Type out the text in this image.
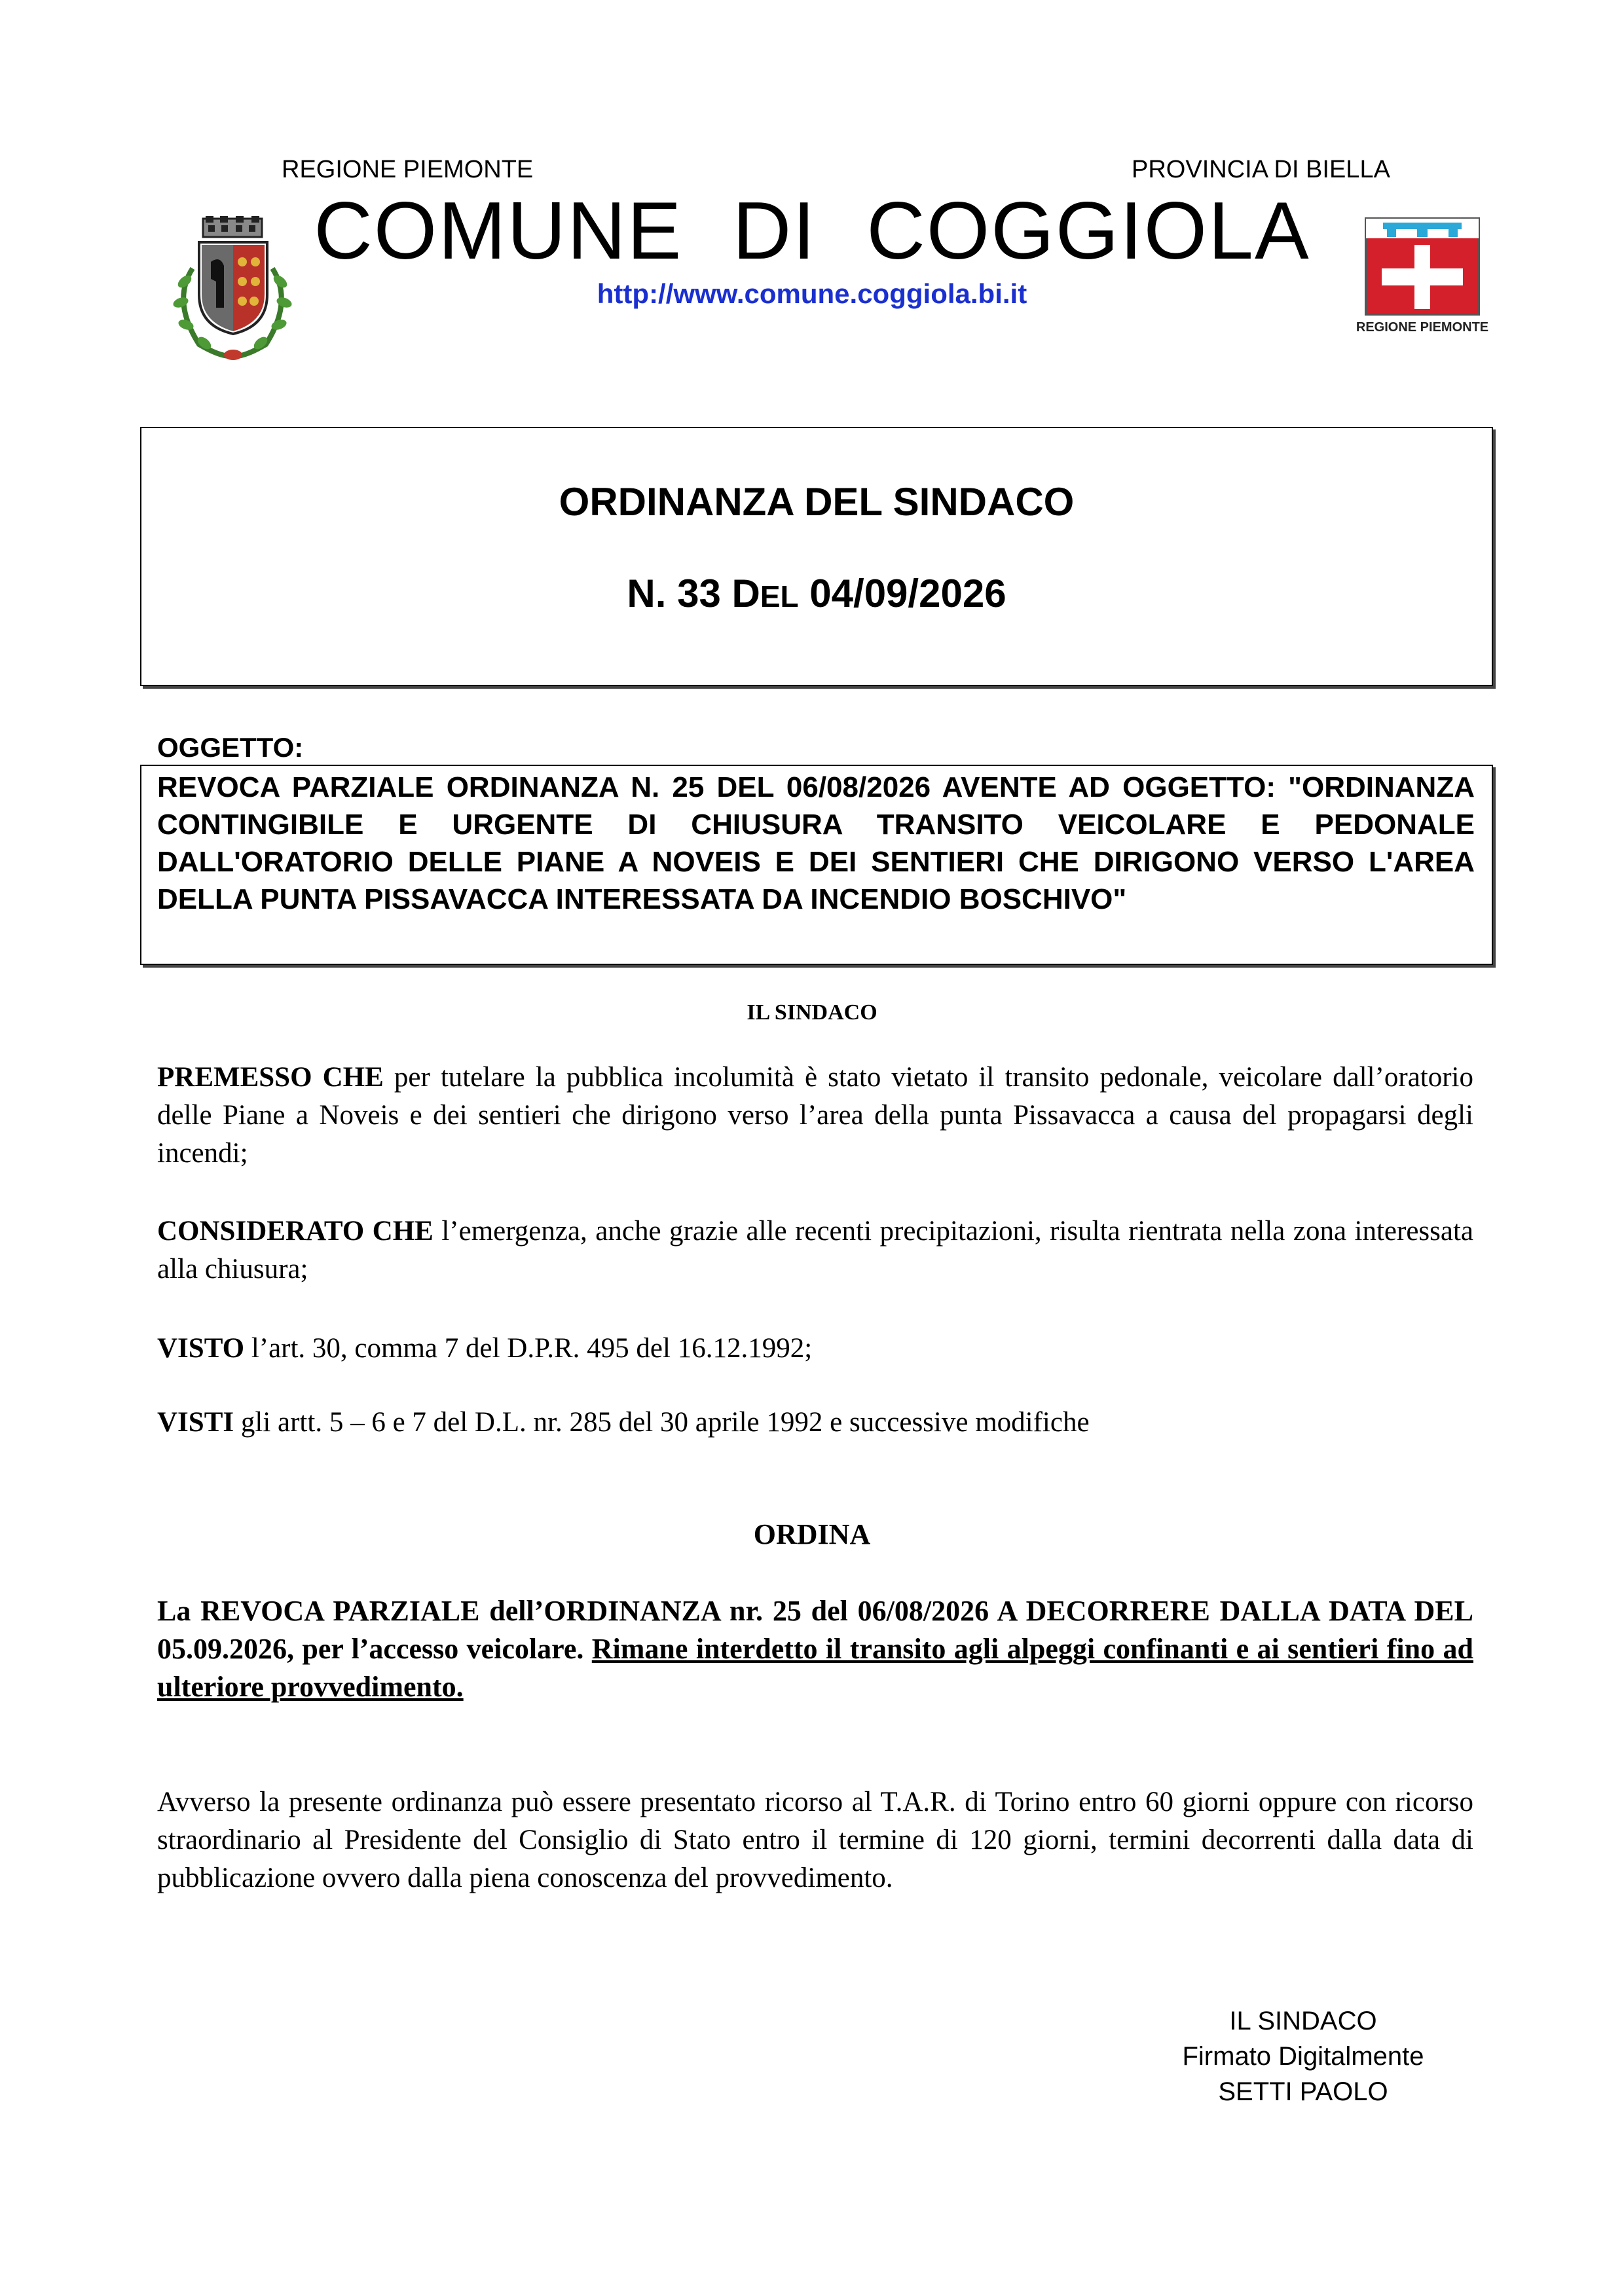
REGIONE PIEMONTE	PROVINCIA DI BIELLA
COMUNE DI COGGIOLA
http://www.comune.coggiola.bi.it
REGIONE PIEMONTE
ORDINANZA DEL SINDACO
N. 33 DEL 04/09/2026
OGGETTO:
REVOCA PARZIALE ORDINANZA N. 25 DEL 06/08/2026 AVENTE AD OGGETTO: "ORDINANZA CONTINGIBILE E URGENTE DI CHIUSURA TRANSITO VEICOLARE E PEDONALE DALL'ORATORIO DELLE PIANE A NOVEIS E DEI SENTIERI CHE DIRIGONO VERSO L'AREA DELLA PUNTA PISSAVACCA INTERESSATA DA INCENDIO BOSCHIVO"
IL SINDACO
PREMESSO CHE per tutelare la pubblica incolumità è stato vietato il transito pedonale, veicolare dall’oratorio delle Piane a Noveis e dei sentieri che dirigono verso l’area della punta Pissavacca a causa del propagarsi degli incendi;
CONSIDERATO CHE l’emergenza, anche grazie alle recenti precipitazioni, risulta rientrata nella zona interessata alla chiusura;
VISTO l’art. 30, comma 7 del D.P.R. 495 del 16.12.1992;
VISTI gli artt. 5 – 6 e 7 del D.L. nr. 285 del 30 aprile 1992 e successive modifiche
ORDINA
La REVOCA PARZIALE dell’ORDINANZA nr. 25 del 06/08/2026 A DECORRERE DALLA DATA DEL 05.09.2026, per l’accesso veicolare. Rimane interdetto il transito agli alpeggi confinanti e ai sentieri fino ad ulteriore provvedimento.
Avverso la presente ordinanza può essere presentato ricorso al T.A.R. di Torino entro 60 giorni oppure con ricorso straordinario al Presidente del Consiglio di Stato entro il termine di 120 giorni, termini decorrenti dalla data di pubblicazione ovvero dalla piena conoscenza del provvedimento.
IL SINDACO
Firmato Digitalmente
SETTI PAOLO
